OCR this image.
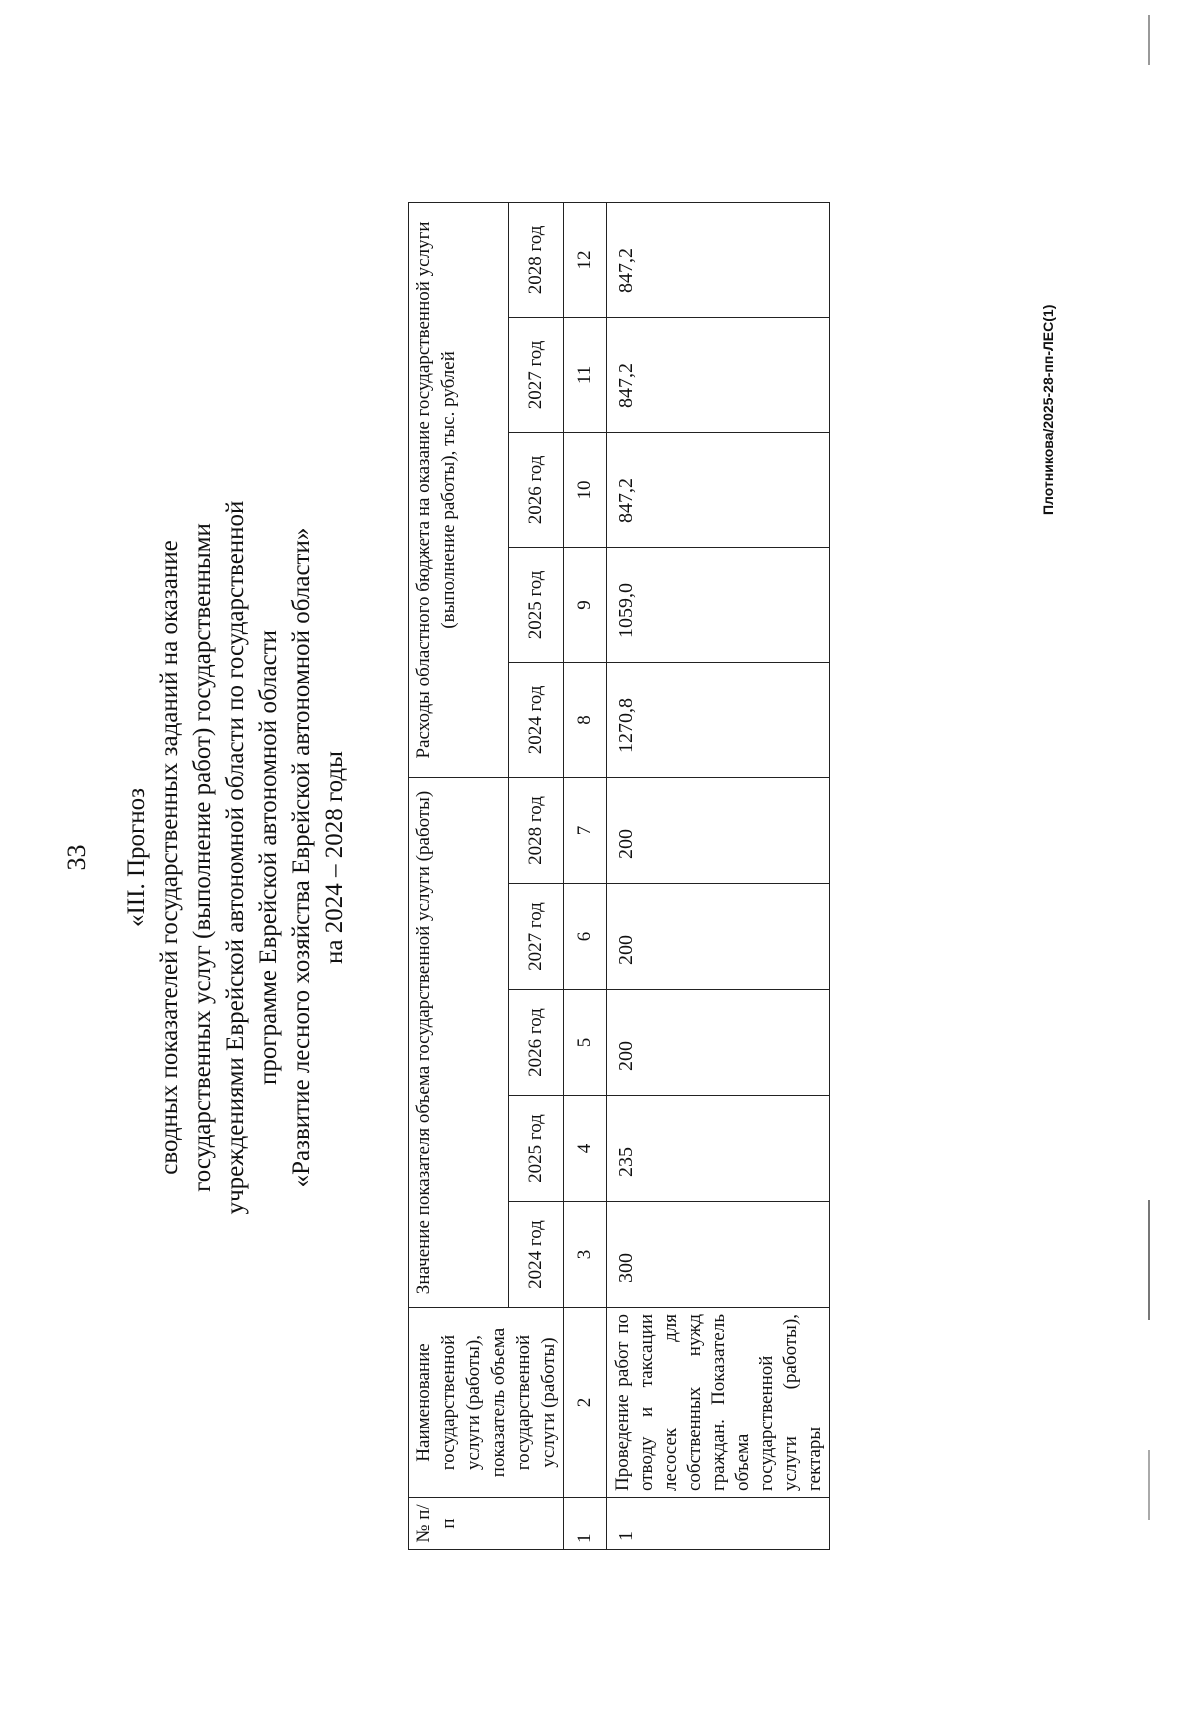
33 «III. Прогноз сводных показателей государственных заданий на оказание государственных услуг (выполнение работ) государственными учреждениями Еврейской автономной области по государственной программе Еврейской автономной области «Развитие лесного хозяйства Еврейской автономной области» на 2024 – 2028 годы
№ п/п	Наименование государственной услуги (работы), показатель объема государственной услуги (работы)	Значение показателя объема государственной услуги (работы)					Расходы областного бюджета на оказание государственной услуги (выполнение работы), тыс. рублей				
		2024 год	2025 год	2026 год	2027 год	2028 год	2024 год	2025 год	2026 год	2027 год	2028 год
1	2	3	4	5	6	7	8	9	10	11	12
1	Проведение работ по отводу и таксации лесосек для собственных нужд граждан. Показатель объема государственной услуги (работы), гектары	300	235	200	200	200	1270,8	1059,0	847,2	847,2	847,2
Плотникова/2025-28-пп-ЛЕС(1)
